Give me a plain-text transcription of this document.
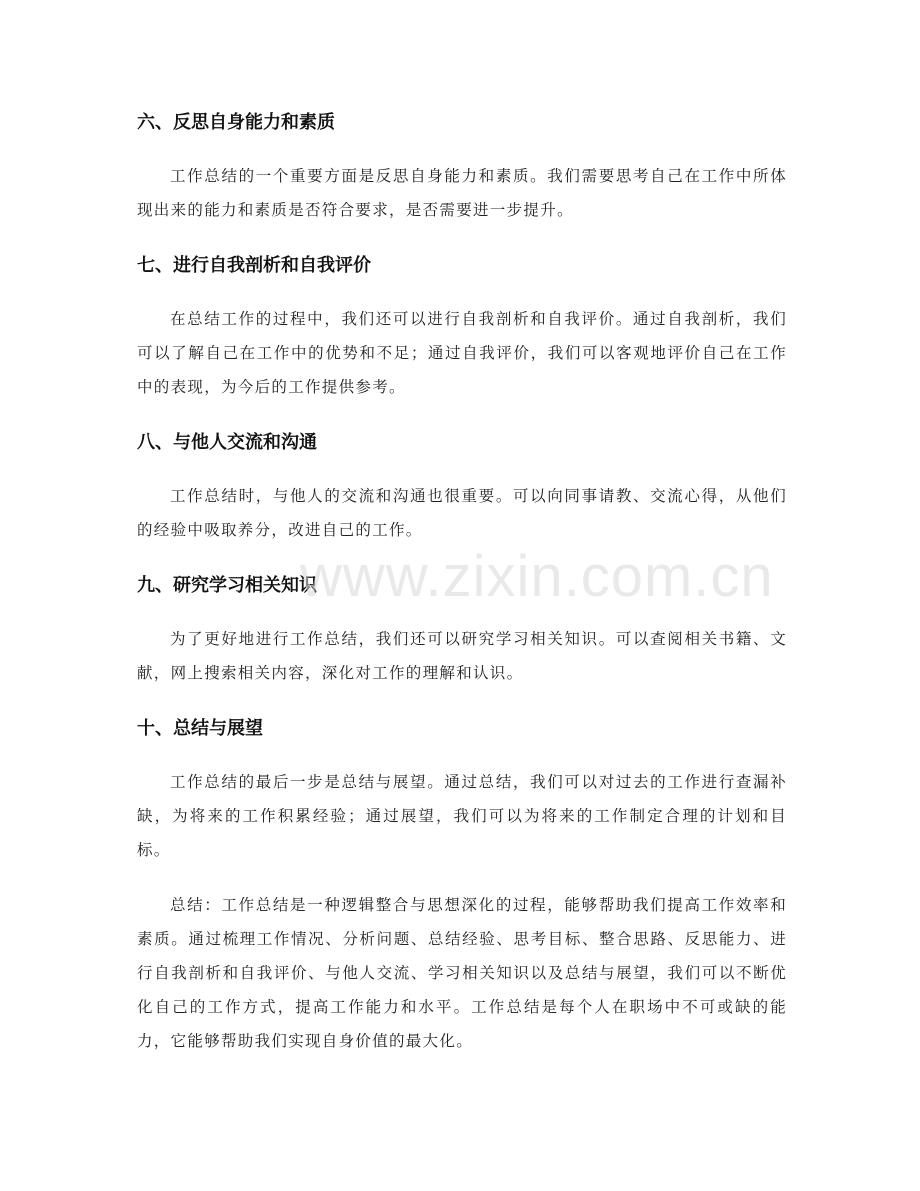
六、反思自身能力和素质

工作总结的一个重要方面是反思自身能力和素质。我们需要思考自己在工作中所体现出来的能力和素质是否符合要求，是否需要进一步提升。

七、进行自我剖析和自我评价

在总结工作的过程中，我们还可以进行自我剖析和自我评价。通过自我剖析，我们可以了解自己在工作中的优势和不足；通过自我评价，我们可以客观地评价自己在工作中的表现，为今后的工作提供参考。

八、与他人交流和沟通

工作总结时，与他人的交流和沟通也很重要。可以向同事请教、交流心得，从他们的经验中吸取养分，改进自己的工作。

九、研究学习相关知识

为了更好地进行工作总结，我们还可以研究学习相关知识。可以查阅相关书籍、文献，网上搜索相关内容，深化对工作的理解和认识。

十、总结与展望

工作总结的最后一步是总结与展望。通过总结，我们可以对过去的工作进行查漏补缺，为将来的工作积累经验；通过展望，我们可以为将来的工作制定合理的计划和目标。

总结：工作总结是一种逻辑整合与思想深化的过程，能够帮助我们提高工作效率和素质。通过梳理工作情况、分析问题、总结经验、思考目标、整合思路、反思能力、进行自我剖析和自我评价、与他人交流、学习相关知识以及总结与展望，我们可以不断优化自己的工作方式，提高工作能力和水平。工作总结是每个人在职场中不可或缺的能力，它能够帮助我们实现自身价值的最大化。

www.zixin.com.cn
